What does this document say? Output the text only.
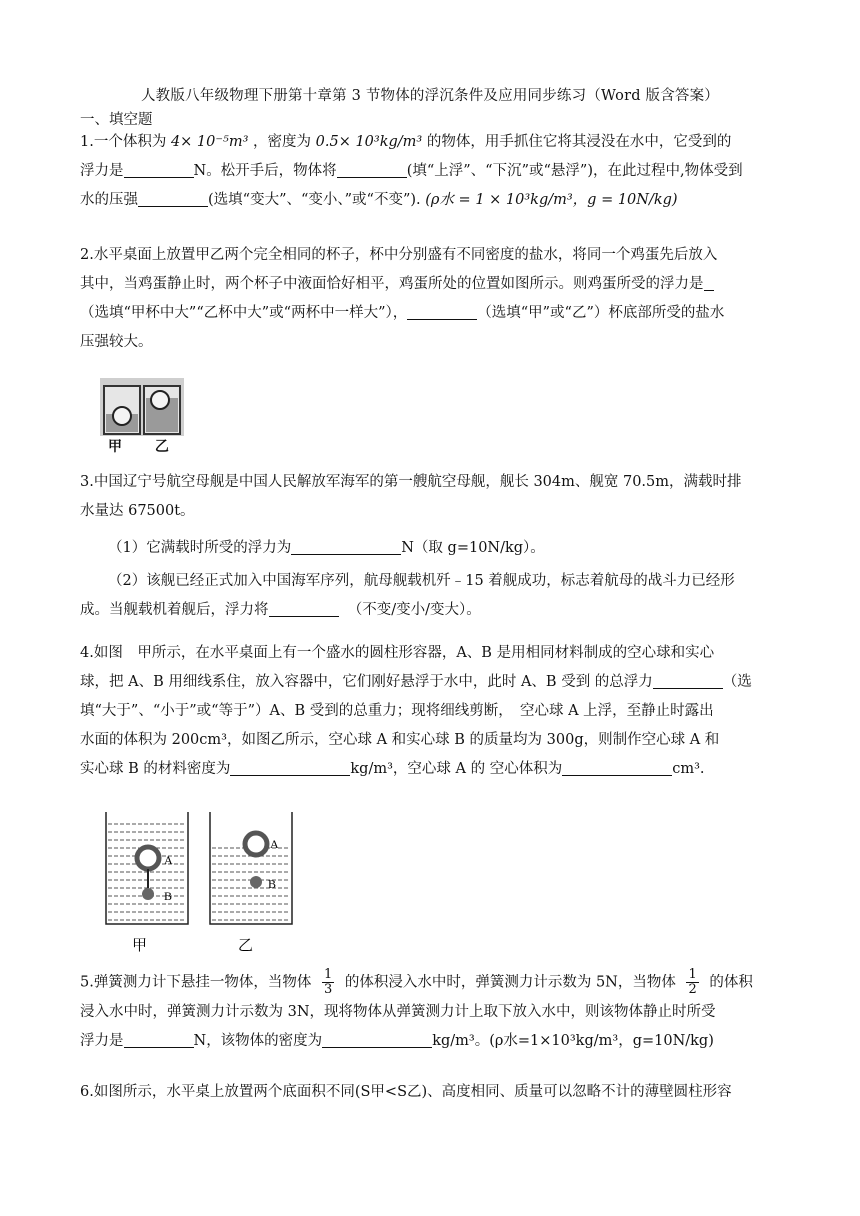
人教版八年级物理下册第十章第 3 节物体的浮沉条件及应用同步练习（Word 版含答案）
一、填空题
1.一个体积为 4× 10⁻⁵m³ ，密度为 0.5× 10³kg/m³ 的物体，用手抓住它将其浸没在水中，它受到的
浮力是	N。松开手后，物体将	(填“上浮”、“下沉”或“悬浮”)，在此过程中,物体受到
水的压强	(选填“变大”、“变小、”或“不变”). (ρ水 = 1 × 10³kg/m³，g = 10N/kg)
2.水平桌面上放置甲乙两个完全相同的杯子，杯中分别盛有不同密度的盐水，将同一个鸡蛋先后放入
其中，当鸡蛋静止时，两个杯子中液面恰好相平，鸡蛋所处的位置如图所示。则鸡蛋所受的浮力是
（选填“甲杯中大”“乙杯中大”或“两杯中一样大”），	（选填“甲”或“乙”）杯底部所受的盐水
压强较大。
甲 乙
3.中国辽宁号航空母舰是中国人民解放军海军的第一艘航空母舰，舰长 304m、舰宽 70.5m，满载时排
水量达 67500t。
（1）它满载时所受的浮力为	N（取 g=10N/kg）。
（2）该舰已经正式加入中国海军序列，航母舰载机歼﹣15 着舰成功，标志着航母的战斗力已经形
成。当舰载机着舰后，浮力将	（不变/变小/变大）。
4.如图　甲所示，在水平桌面上有一个盛水的圆柱形容器，A、B 是用相同材料制成的空心球和实心
球，把 A、B 用细线系住，放入容器中，它们刚好悬浮于水中，此时 A、B 受到 的总浮力	（选
填“大于”、“小于”或“等于”）A、B 受到的总重力；现将细线剪断，　空心球 A 上浮，至静止时露出
水面的体积为 200cm³，如图乙所示，空心球 A 和实心球 B 的质量均为 300g，则制作空心球 A 和
实心球 B 的材料密度为	kg/m³，空心球 A 的 空心体积为	cm³.
A
B
A
B
甲	乙
5.弹簧测力计下悬挂一物体，当物体 $\frac{1}{3}$ 的体积浸入水中时，弹簧测力计示数为 5N，当物体 $\frac{1}{2}$ 的体积
浸入水中时，弹簧测力计示数为 3N，现将物体从弹簧测力计上取下放入水中，则该物体静止时所受
浮力是	N，该物体的密度为	kg/m³。(ρ水=1×10³kg/m³，g=10N/kg)
6.如图所示，水平桌上放置两个底面积不同(S甲<S乙)、高度相同、质量可以忽略不计的薄壁圆柱形容
